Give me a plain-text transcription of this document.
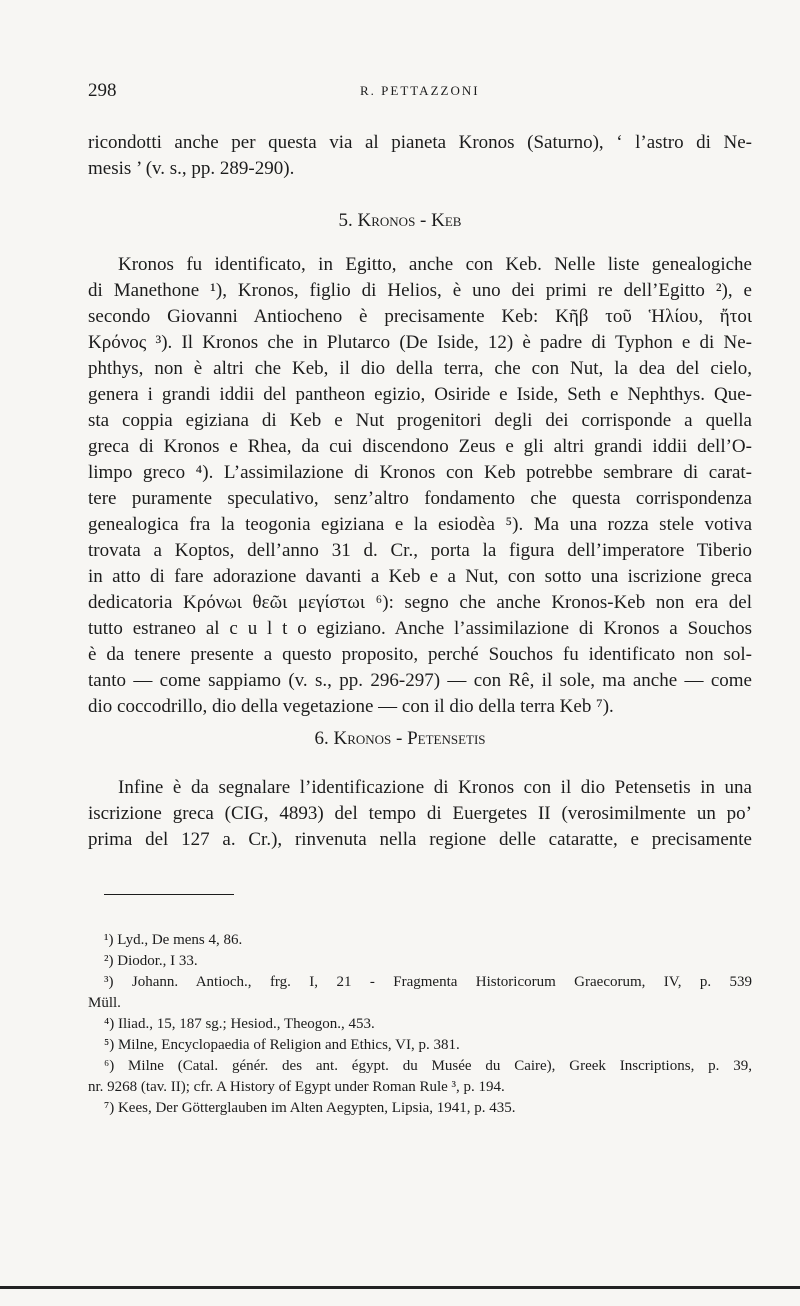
298	R. PETTAZZONI
ricondotti anche per questa via al pianeta Kronos (Saturno), ‘ l’astro di Ne-
mesis ’ (v. s., pp. 289-290).
5. Kronos - Keb
Kronos fu identificato, in Egitto, anche con Keb. Nelle liste genealogiche
di Manethone ¹), Kronos, figlio di Helios, è uno dei primi re dell’Egitto ²), e
secondo Giovanni Antiocheno è precisamente Keb: Κῆβ τοῦ Ἡλίου, ἤτοι
Κρόνος ³). Il Kronos che in Plutarco (De Iside, 12) è padre di Typhon e di Ne-
phthys, non è altri che Keb, il dio della terra, che con Nut, la dea del cielo,
genera i grandi iddii del pantheon egizio, Osiride e Iside, Seth e Nephthys. Que-
sta coppia egiziana di Keb e Nut progenitori degli dei corrisponde a quella
greca di Kronos e Rhea, da cui discendono Zeus e gli altri grandi iddii dell’O-
limpo greco ⁴). L’assimilazione di Kronos con Keb potrebbe sembrare di carat-
tere puramente speculativo, senz’altro fondamento che questa corrispondenza
genealogica fra la teogonia egiziana e la esiodèa ⁵). Ma una rozza stele votiva
trovata a Koptos, dell’anno 31 d. Cr., porta la figura dell’imperatore Tiberio
in atto di fare adorazione davanti a Keb e a Nut, con sotto una iscrizione greca
dedicatoria Κρόνωι θεῶι μεγίστωι ⁶): segno che anche Kronos-Keb non era del
tutto estraneo al c u l t o egiziano. Anche l’assimilazione di Kronos a Souchos
è da tenere presente a questo proposito, perché Souchos fu identificato non sol-
tanto — come sappiamo (v. s., pp. 296-297) — con Rê, il sole, ma anche — come
dio coccodrillo, dio della vegetazione — con il dio della terra Keb ⁷).
6. Kronos - Petensetis
Infine è da segnalare l’identificazione di Kronos con il dio Petensetis in una
iscrizione greca (CIG, 4893) del tempo di Euergetes II (verosimilmente un po’
prima del 127 a. Cr.), rinvenuta nella regione delle cataratte, e precisamente
¹) Lyd., De mens 4, 86.
²) Diodor., I 33.
³) Johann. Antioch., frg. I, 21 - Fragmenta Historicorum Graecorum, IV, p. 539
Müll.
⁴) Iliad., 15, 187 sg.; Hesiod., Theogon., 453.
⁵) Milne, Encyclopaedia of Religion and Ethics, VI, p. 381.
⁶) Milne (Catal. génér. des ant. égypt. du Musée du Caire), Greek Inscriptions, p. 39,
nr. 9268 (tav. II); cfr. A History of Egypt under Roman Rule ³, p. 194.
⁷) Kees, Der Götterglauben im Alten Aegypten, Lipsia, 1941, p. 435.
